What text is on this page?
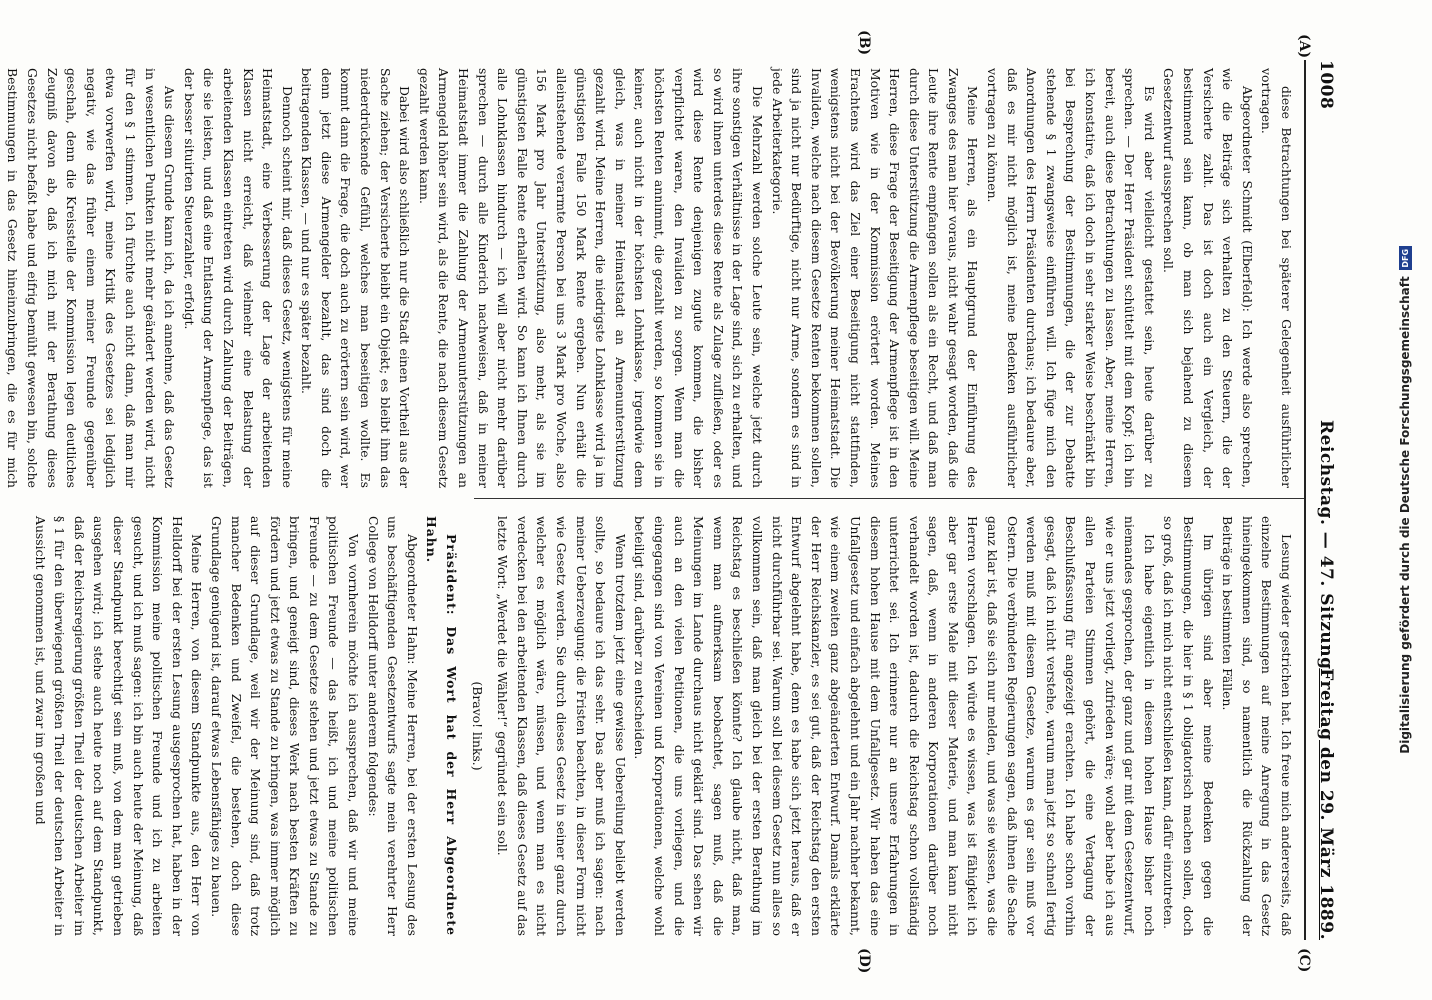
1008
Reichstag. — 47. Sitzung.
Freitag den 29. März 1889.
(A)
(B)
(C)
(D)

diese Betrachtungen bei späterer Gelegenheit ausführlicher vortragen.

Abgeordneter Schmidt (Elberfeld): Ich werde also sprechen, wie die Beiträge sich verhalten zu den Steuern, die der Versicherte zahlt. Das ist doch auch ein Vergleich, der bestimmend sein kann, ob man sich bejahend zu diesem Gesetzentwurf aussprechen soll.

Es wird aber vielleicht gestattet sein, heute darüber zu sprechen. — Der Herr Präsident schüttelt mit dem Kopf; ich bin bereit, auch diese Betrachtungen zu lassen. Aber, meine Herren, ich konstatire, daß ich doch in sehr starker Weise beschränkt bin bei Besprechung der Bestimmungen, die der zur Debatte stehende § 1 zwangsweise einführen will. Ich füge mich den Anordnungen des Herrn Präsidenten durchaus; ich bedaure aber, daß es mir nicht möglich ist, meine Bedenken ausführlicher vortragen zu können.

Meine Herren, als ein Hauptgrund der Einführung des Zwanges des man hier voraus, nicht wahr gesagt worden, daß die Leute ihre Rente empfangen sollen als ein Recht, und daß man durch diese Unterstützung die Armenpflege beseitigen will. Meine Herren, diese Frage der Beseitigung der Armenpflege ist in den Motiven wie in der Kommission erörtert worden. Meines Erachtens wird das Ziel einer Beseitigung nicht stattfinden, wenigstens nicht bei der Bevölkerung meiner Heimatstadt. Die Invaliden, welche nach diesem Gesetze Renten bekommen sollen, sind ja nicht nur Bedürftige, nicht nur Arme, sondern es sind in jede Arbeiterkategorie.

Die Mehrzahl werden solche Leute sein, welche jetzt durch ihre sonstigen Verhältnisse in der Lage sind, sich zu erhalten, und so wird ihnen unterdes diese Rente als Zulage zufließen, oder es wird diese Rente denjenigen zugute kommen, die bisher verpflichtet waren, den Invaliden zu sorgen. Wenn man die höchsten Renten annimmt, die gezahlt werden, so kommen sie in keiner, auch nicht in der höchsten Lohnklasse, irgendwie dem gleich, was in meiner Heimatstadt an Armenunterstützung gezahlt wird. Meine Herren, die niedrigste Lohnklasse wird ja im günstigsten Falle 150 Mark Rente ergeben. Nun erhält die alleinstehende verarmte Person bei uns 3 Mark pro Woche, also 156 Mark pro Jahr Unterstützung, also mehr, als sie im günstigsten Falle Rente erhalten wird. So kann ich Ihnen durch alle Lohnklassen hindurch — ich will aber nicht mehr darüber sprechen — durch alle Kinderich nachweisen, daß in meiner Heimatstadt immer die Zahlung der Armenunterstützungen an Armengeld höher sein wird, als die Rente, die nach diesem Gesetz gezahlt werden kann.

Dabei wird also schließlich nur die Stadt einen Vortheil aus der Sache ziehen; der Versicherte bleibt ein Objekt; es bleibt ihm das niederdrückende Gefühl, welches man beseitigen wollte. Es kommt dann die Frage, die doch auch zu erörtern sein wird, wer denn jetzt diese Armengelder bezahlt, das sind doch die beitragenden Klassen, — und nur es später bezahlt.

Dennoch scheint mir, daß dieses Gesetz, wenigstens für meine Heimatstadt, eine Verbesserung der Lage der arbeitenden Klassen nicht erreicht, daß vielmehr eine Belastung der arbeitenden Klassen eintreten wird durch Zahlung der Beiträgen, die sie leisten, und daß eine Entlastung der Armenpflege, das ist der besser situirten Steuerzahler, erfolgt.

Aus diesem Grunde kann ich, da ich annehme, daß das Gesetz in wesentlichen Punkten nicht mehr geändert werden wird, nicht für den § 1 stimmen. Ich fürchte auch nicht dann, daß man mir etwa vorwerfen wird, meine Kritik des Gesetzes sei lediglich negativ, wie das früher einem meiner Freunde gegenüber geschah, denn die Kreisstelle der Kommission legen deutliches Zeugniß davon ab, daß ich mich mit der Berathung dieses Gesetzes nicht befaßt habe und eifrig bemüht gewesen bin, solche Bestimmungen in das Gesetz hineinzubringen, die es für mich

Lesung wieder gestrichen hat. Ich freue mich andererseits, daß einzelne Bestimmungen auf meine Anregung in das Gesetz hineingekommen sind, so namentlich die Rückzahlung der Beiträge in bestimmten Fällen.

Im übrigen sind aber meine Bedenken gegen die Bestimmungen, die hier in § 1 obligatorisch machen sollen, doch so groß, daß ich mich nicht entschließen kann, dafür einzutreten.

Ich habe eigentlich in diesem hohen Hause bisher noch niemandes gesprochen, der ganz und gar mit dem Gesetzentwurf, wie er uns jetzt vorliegt, zufrieden wäre; wohl aber habe ich aus allen Parteien Stimmen gehört, die eine Vertagung der Beschlußfassung für angezeigt erachten. Ich habe schon vorhin gesagt, daß ich nicht verstehe, warum man jetzt so schnell fertig werden muß mit diesem Gesetze, warum es gar sein muß vor Ostern. Die verbündeten Regierungen sagen, daß ihnen die Sache ganz klar ist, daß sie sich nur melden, und was sie wissen, was die Herren vorschlagen. Ich würde es wissen, was ist fähigkeit ich aber gar erste Male mit dieser Materie, und man kann nicht sagen, daß, wenn in anderen Korporationen darüber noch verhandelt worden ist, dadurch die Reichstag schon vollständig unterrichtet sei. Ich erinnere nur an unsere Erfahrungen in diesem hohen Hause mit dem Unfallgesetz. Wir haben das eine Unfallgesetz und einfach abgelehnt und ein Jahr nachher bekannt, wie einem zweiten ganz abgeänderten Entwurf. Damals erklärte der Herr Reichskanzler, es sei gut, daß der Reichstag den ersten Entwurf abgelehnt habe, denn es habe sich jetzt heraus, daß er nicht durchführbar sei. Warum soll bei diesem Gesetz nun alles so vollkommen sein, daß man gleich bei der ersten Berathung im Reichstag es beschließen könnte? Ich glaube nicht, daß man, wenn man aufmerksam beobachtet, sagen muß, daß die Meinungen im Lande durchaus nicht geklärt sind. Das sehen wir auch an den vielen Petitionen, die uns vorliegen, und die eingegangen sind von Vereinen und Korporationen, welche wohl beteiligt sind, darüber zu entscheiden.

Wenn trotzdem jetzt eine gewisse Uebereilung beliebt werden sollte, so bedaure ich das sehr. Das aber muß ich sagen: nach meiner Ueberzeugung: die Fristen beachten, in dieser Form nicht wie Gesetz werden. Sie durch dieses Gesetz in seiner ganz durch welcher es möglich wäre, müssen, und wenn man es nicht verdecken bei den arbeitenden Klassen, daß dieses Gesetz auf das letzte Wort: „Werdet die Wähler!“ gegründet sein soll.

(Bravo! links.)

Präsident: Das Wort hat der Herr Abgeordnete Hahn.

Abgeordneter Hahn: Meine Herren, bei der ersten Lesung des uns beschäftigenden Gesetzentwurfs sagte mein verehrter Herr College von Helldorff unter anderem folgendes:

Von vornherein möchte ich aussprechen, daß wir und meine politischen Freunde — das heißt, ich und meine politischen Freunde — zu dem Gesetze stehen und jetzt etwas zu Stande zu bringen, und geneigt sind, dieses Werk nach besten Kräften zu fördern und jetzt etwas zu Stande zu bringen, was immer möglich auf dieser Grundlage, weil wir der Meinung sind, daß trotz mancher Bedenken und Zweifel, die bestehen, doch diese Grundlage genügend ist, darauf etwas Lebensfähiges zu bauen.

Meine Herren, von diesem Standpunkte aus, den Herr von Helldorff bei der ersten Lesung ausgesprochen hat, haben in der Kommission meine politischen Freunde und ich zu arbeiten gesucht, und ich muß sagen: ich bin auch heute der Meinung, daß dieser Standpunkt berechtigt sein muß, von dem man getrieben ausgehen wird; ich stehe auch heute noch auf dem Standpunkt, daß der Reichsregierung größten Theil der deutschen Arbeiter im § 1 für den überwiegend größten Theil der deutschen Arbeiter in Aussicht genommen ist, und zwar im großen und	Digitalisierung gefördert durch die Deutsche ForschungsgemeinschaftDFG
